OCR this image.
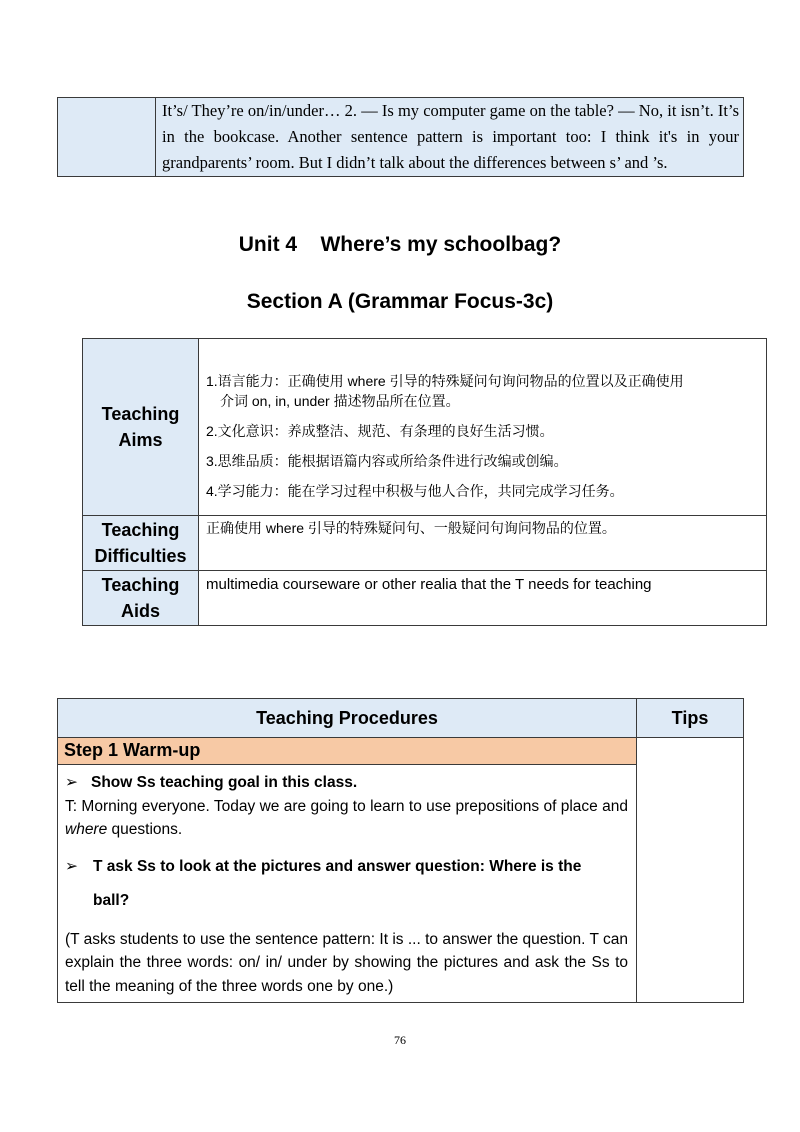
	It’s/ They’re on/in/under… 2. — Is my computer game on the table? — No, it isn’t. It’s in the bookcase. Another sentence pattern is important too: I think it's in your grandparents’ room. But I didn’t talk about the differences between s’ and ’s.
Unit 4    Where’s my schoolbag?
Section A (Grammar Focus-3c)
Teaching Aims	1.语言能力：正确使用 where 引导的特殊疑问句询问物品的位置以及正确使用
介词 on, in, under 描述物品所在位置。

2.文化意识：养成整洁、规范、有条理的良好生活习惯。

3.思维品质：能根据语篇内容或所给条件进行改编或创编。

4.学习能力：能在学习过程中积极与他人合作，共同完成学习任务。

Teaching Difficulties	正确使用 where 引导的特殊疑问句、一般疑问句询问物品的位置。
Teaching Aids	multimedia courseware or other realia that the T needs for teaching
Teaching Procedures	Tips
Step 1 Warm-up	

➢ Show Ss teaching goal in this class.

T: Morning everyone. Today we are going to learn to use prepositions of place and where questions.

➢ T ask Ss to look at the pictures and answer question: Where is the
ball?

(T asks students to use the sentence pattern: It is ... to answer the question. T can explain the three words: on/ in/ under by showing the pictures and ask the Ss to tell the meaning of the three words one by one.)	

76
